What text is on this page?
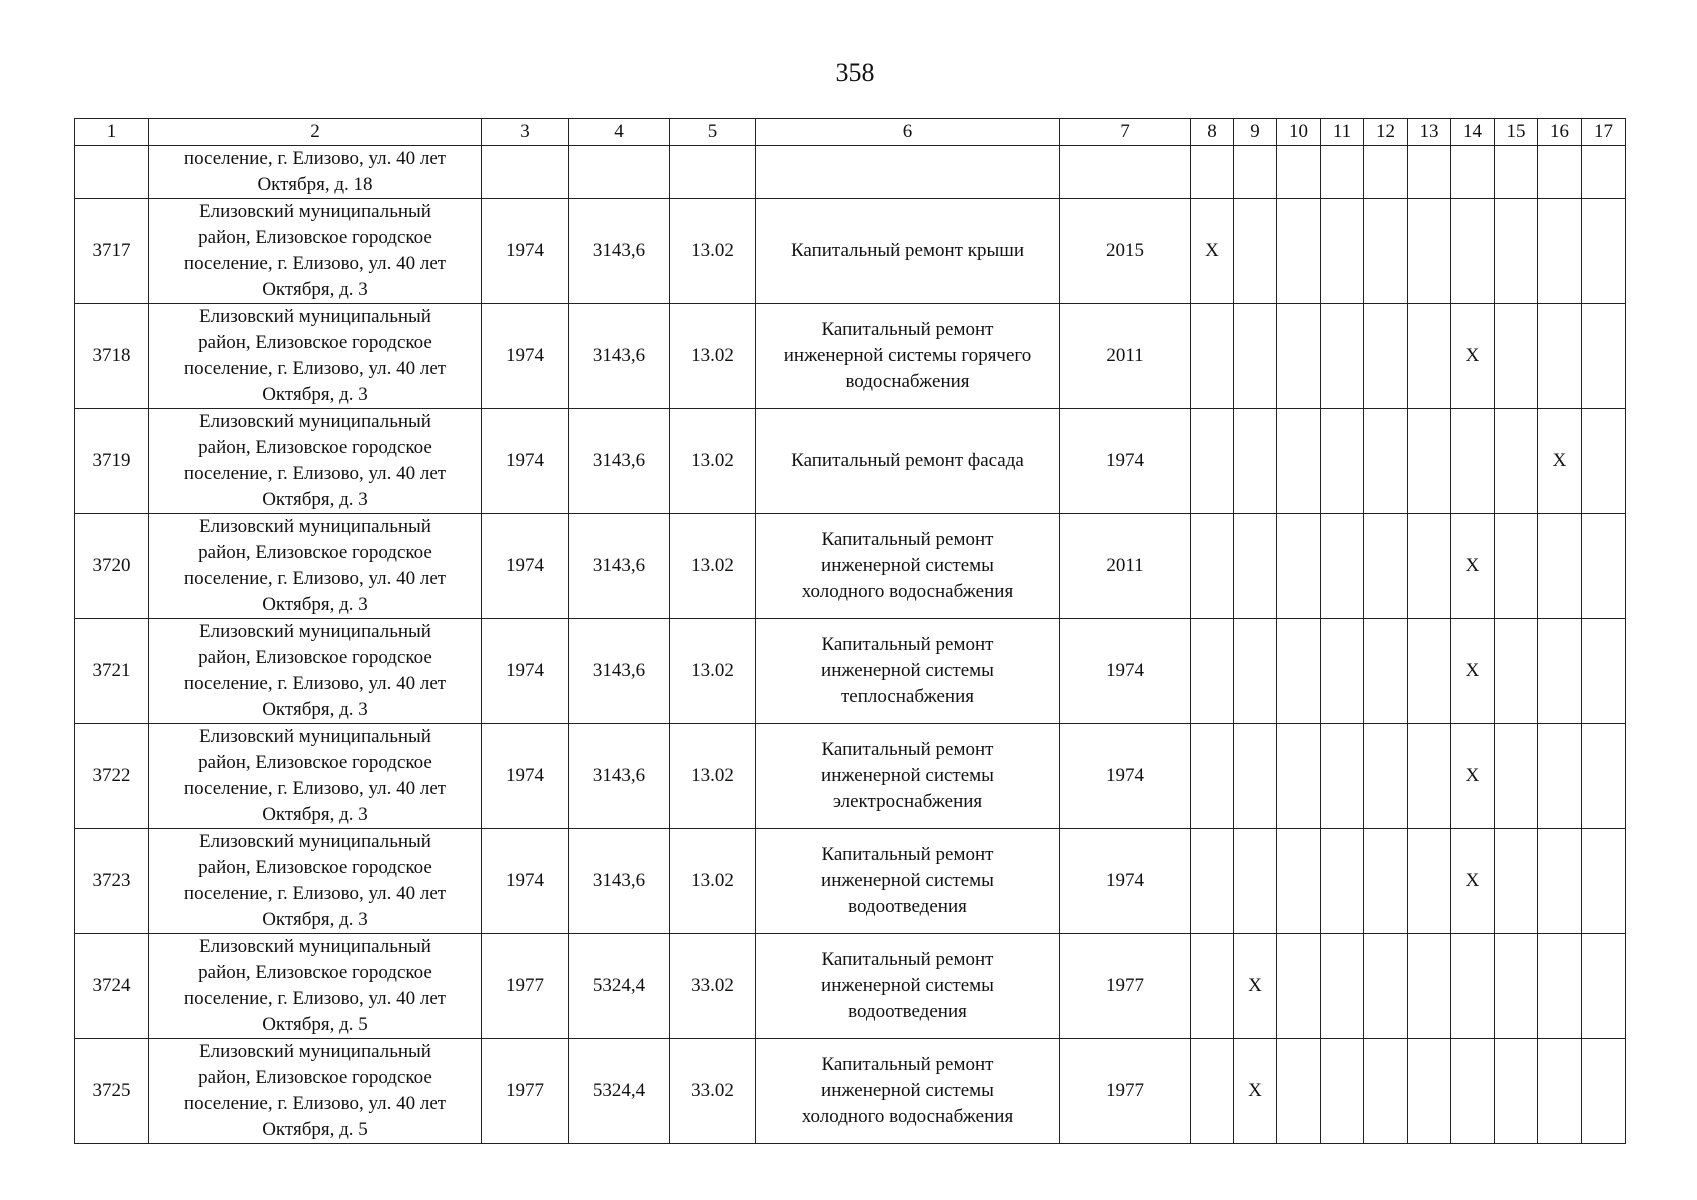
358
1	2	3	4	5	6	7	8	9	10	11	12	13	14	15	16	17

	поселение, г. Елизово, ул. 40 лет
Октября, д. 18															

3717	Елизовский муниципальный
район, Елизовское городское
поселение, г. Елизово, ул. 40 лет
Октября, д. 3	1974	3143,6	13.02	Капитальный ремонт крыши	2015	Х									
3718	Елизовский муниципальный
район, Елизовское городское
поселение, г. Елизово, ул. 40 лет
Октября, д. 3	1974	3143,6	13.02	Капитальный ремонт
инженерной системы горячего
водоснабжения	2011							Х			
3719	Елизовский муниципальный
район, Елизовское городское
поселение, г. Елизово, ул. 40 лет
Октября, д. 3	1974	3143,6	13.02	Капитальный ремонт фасада	1974									Х	
3720	Елизовский муниципальный
район, Елизовское городское
поселение, г. Елизово, ул. 40 лет
Октября, д. 3	1974	3143,6	13.02	Капитальный ремонт
инженерной системы
холодного водоснабжения	2011							Х			
3721	Елизовский муниципальный
район, Елизовское городское
поселение, г. Елизово, ул. 40 лет
Октября, д. 3	1974	3143,6	13.02	Капитальный ремонт
инженерной системы
теплоснабжения	1974							Х			
3722	Елизовский муниципальный
район, Елизовское городское
поселение, г. Елизово, ул. 40 лет
Октября, д. 3	1974	3143,6	13.02	Капитальный ремонт
инженерной системы
электроснабжения	1974							Х			
3723	Елизовский муниципальный
район, Елизовское городское
поселение, г. Елизово, ул. 40 лет
Октября, д. 3	1974	3143,6	13.02	Капитальный ремонт
инженерной системы
водоотведения	1974							Х			
3724	Елизовский муниципальный
район, Елизовское городское
поселение, г. Елизово, ул. 40 лет
Октября, д. 5	1977	5324,4	33.02	Капитальный ремонт
инженерной системы
водоотведения	1977		Х								
3725	Елизовский муниципальный
район, Елизовское городское
поселение, г. Елизово, ул. 40 лет
Октября, д. 5	1977	5324,4	33.02	Капитальный ремонт
инженерной системы
холодного водоснабжения	1977		Х								
